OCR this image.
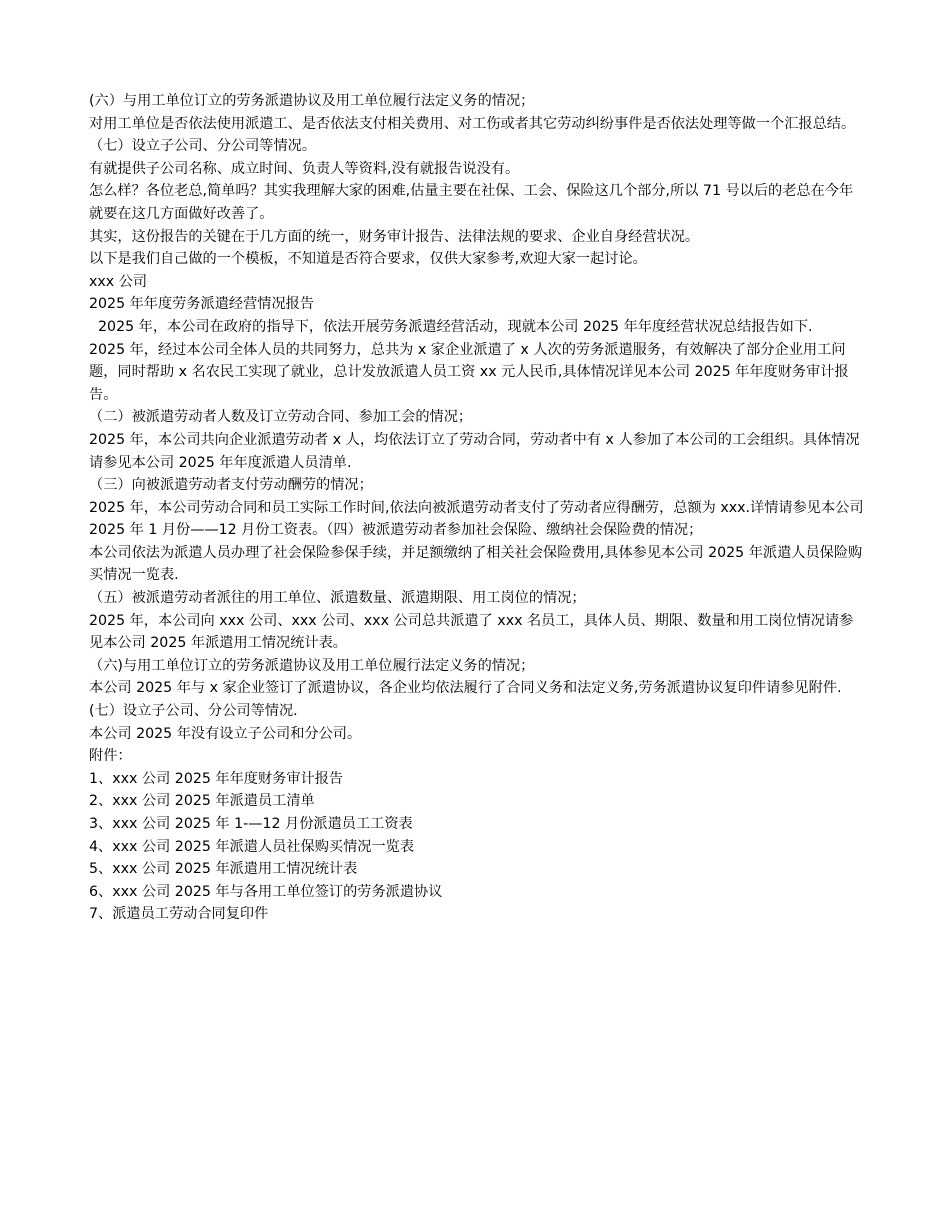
(六）与用工单位订立的劳务派遣协议及用工单位履行法定义务的情况；

对用工单位是否依法使用派遣工、是否依法支付相关费用、对工伤或者其它劳动纠纷事件是否依法处理等做一个汇报总结。

（七）设立子公司、分公司等情况。

有就提供子公司名称、成立时间、负责人等资料,没有就报告说没有。

怎么样？各位老总,简单吗？其实我理解大家的困难,估量主要在社保、工会、保险这几个部分,所以 71 号以后的老总在今年就要在这几方面做好改善了。

其实，这份报告的关键在于几方面的统一，财务审计报告、法律法规的要求、企业自身经营状况。

以下是我们自己做的一个模板，不知道是否符合要求，仅供大家参考,欢迎大家一起讨论。

xxx 公司

2025 年年度劳务派遣经营情况报告

2025 年，本公司在政府的指导下，依法开展劳务派遣经营活动，现就本公司 2025 年年度经营状况总结报告如下.

2025 年，经过本公司全体人员的共同努力，总共为 x 家企业派遣了 x 人次的劳务派遣服务，有效解决了部分企业用工问题，同时帮助 x 名农民工实现了就业，总计发放派遣人员工资 xx 元人民币,具体情况详见本公司 2025 年年度财务审计报告。

（二）被派遣劳动者人数及订立劳动合同、参加工会的情况；

2025 年，本公司共向企业派遣劳动者 x 人，均依法订立了劳动合同，劳动者中有 x 人参加了本公司的工会组织。具体情况请参见本公司 2025 年年度派遣人员清单.

（三）向被派遣劳动者支付劳动酬劳的情况；

2025 年，本公司劳动合同和员工实际工作时间,依法向被派遣劳动者支付了劳动者应得酬劳，总额为 xxx.详情请参见本公司 2025 年 1 月份——12 月份工资表。（四）被派遣劳动者参加社会保险、缴纳社会保险费的情况；

本公司依法为派遣人员办理了社会保险参保手续，并足额缴纳了相关社会保险费用,具体参见本公司 2025 年派遣人员保险购买情况一览表.

（五）被派遣劳动者派往的用工单位、派遣数量、派遣期限、用工岗位的情况；

2025 年，本公司向 xxx 公司、xxx 公司、xxx 公司总共派遣了 xxx 名员工，具体人员、期限、数量和用工岗位情况请参见本公司 2025 年派遣用工情况统计表。

（六)与用工单位订立的劳务派遣协议及用工单位履行法定义务的情况；

本公司 2025 年与 x 家企业签订了派遣协议，各企业均依法履行了合同义务和法定义务,劳务派遣协议复印件请参见附件.

(七）设立子公司、分公司等情况.

本公司 2025 年没有设立子公司和分公司。

附件：

1、xxx 公司 2025 年年度财务审计报告

2、xxx 公司 2025 年派遣员工清单

3、xxx 公司 2025 年 1-—12 月份派遣员工工资表

4、xxx 公司 2025 年派遣人员社保购买情况一览表

5、xxx 公司 2025 年派遣用工情况统计表

6、xxx 公司 2025 年与各用工单位签订的劳务派遣协议

7、派遣员工劳动合同复印件
